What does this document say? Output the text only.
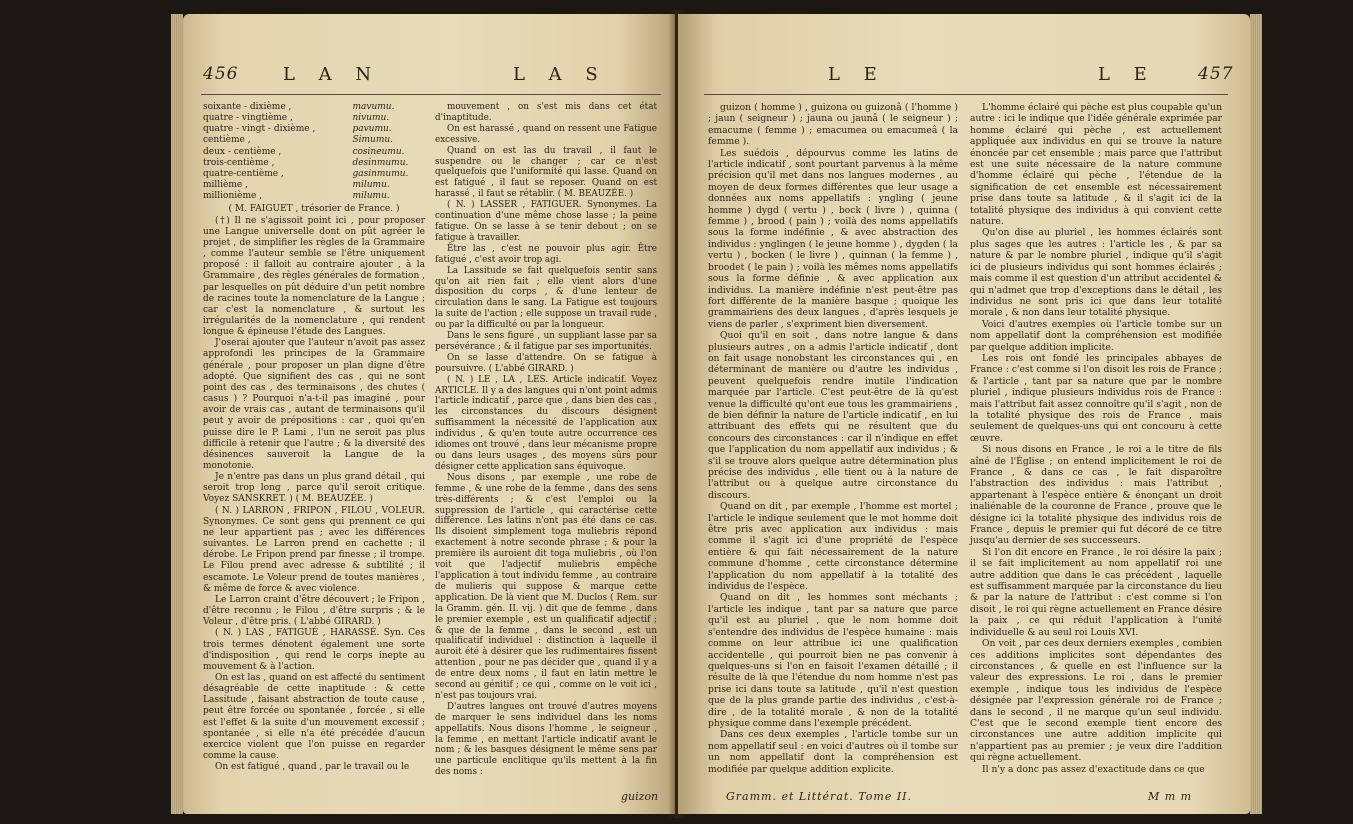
456 L A N	L A S
soixante - dixième ,	mavumu.
quatre - vingtième ,	nivumu.
quatre - vingt - dixième ,	pavumu.
centième ,	Simumu.
deux - centième ,	cosineumu.
trois-centième ,	desinmumu.
quatre-centième ,	gasinmumu.
millième ,	milumu.
millionième ,	milumu.

( M. FAIGUET , trésorier de France. )

(†) Il ne s'agissoit point ici , pour proposer une Langue universelle dont on pût agréer le projet , de simplifier les règles de la Grammaire , comme l'auteur semble se l'être uniquement proposé : il falloit au contraire ajouter , à la Grammaire , des règles générales de formation , par lesquelles on pût déduire d'un petit nombre de racines toute la nomenclature de la Langue ; car c'est la nomenclature , & surtout les irrégularités de la nomenclature , qui rendent longue & épineuse l'étude des Langues.

J'oserai ajouter que l'auteur n'avoit pas assez approfondi les principes de la Grammaire générale , pour proposer un plan digne d'être adopté. Que signifient des cas , qui ne sont point des cas , des terminaisons , des chutes ( casus ) ? Pourquoi n'a-t-il pas imaginé , pour avoir de vrais cas , autant de terminaisons qu'il peut y avoir de prépositions : car , quoi qu'en puisse dire le P. Lami , l'un ne seroit pas plus difficile à retenir que l'autre ; & la diversité des désinences sauveroit la Langue de la monotonie.

Je n'entre pas dans un plus grand détail , qui seroit trop long , parce qu'il seroit critique. Voyez SANSKRET. ) ( M. BEAUZÉE. )

( N. ) LARRON , FRIPON , FILOU , VOLEUR. Synonymes. Ce sont gens qui prennent ce qui ne leur appartient pas ; avec les différences suivantes. Le Larron prend en cachette ; il dérobe. Le Fripon prend par finesse ; il trompe. Le Filou prend avec adresse & subtilité ; il escamote. Le Voleur prend de toutes manières , & même de force & avec violence.

Le Larron craint d'être découvert ; le Fripon , d'être reconnu ; le Filou , d'être surpris ; & le Voleur , d'être pris. ( L'abbé GIRARD. )

( N. ) LAS , FATIGUÉ , HARASSÉ. Syn. Ces trois termes dénotent également une sorte d'indisposition , qui rend le corps inepte au mouvement & à l'action.

On est las , quand on est affecté du sentiment désagréable de cette inaptitude : & cette Lassitude , faisant abstraction de toute cause , peut être forcée ou spontanée , forcée , si elle est l'effet & la suite d'un mouvement excessif ; spontanée , si elle n'a été précédée d'aucun exercice violent que l'on puisse en regarder comme la cause.

On est fatigué , quand , par le travail ou le

mouvement , on s'est mis dans cet état d'inaptitude.

On est harassé , quand on ressent une Fatigue excessive.

Quand on est las du travail , il faut le suspendre ou le changer ; car ce n'est quelquefois que l'uniformité qui lasse. Quand on est fatigué , il faut se reposer. Quand on est harassé , il faut se rétablir. ( M. BEAUZÉE. )

( N. ) LASSER , FATIGUER. Synonymes. La continuation d'une même chose lasse ; la peine fatigue. On se lasse à se tenir debout ; on se fatigue à travailler.

Être las , c'est ne pouvoir plus agir. Être fatigué , c'est avoir trop agi.

La Lassitude se fait quelquefois sentir sans qu'on ait rien fait ; elle vient alors d'une disposition du corps , & d'une lenteur de circulation dans le sang. La Fatigue est toujours la suite de l'action ; elle suppose un travail rude , ou par la difficulté ou par la longueur.

Dans le sens figuré , un suppliant lasse par sa persévérance ; & il fatigue par ses importunités.

On se lasse d'attendre. On se fatigue à poursuivre. ( L'abbé GIRARD. )

( N. ) LE , LA , LES. Article indicatif. Voyez ARTICLE. Il y a des langues qui n'ont point admis l'article indicatif , parce que , dans bien des cas , les circonstances du discours désignent suffisamment la nécessité de l'application aux individus , & qu'en toute autre occurrence ces idiomes ont trouvé , dans leur mécanisme propre ou dans leurs usages , des moyens sûrs pour désigner cette application sans équivoque.

Nous disons , par exemple , une robe de femme , & une robe de la femme , dans des sens très-différents ; & c'est l'emploi ou la suppression de l'article , qui caractérise cette différence. Les latins n'ont pas été dans ce cas. Ils disoient simplement toga muliebris répond exactement à notre seconde phrase ; & pour la première ils auroient dit toga muliebris , où l'on voit que l'adjectif muliebris empêche l'application à tout individu femme , au contraire de mulieris qui suppose & marque cette application. De là vient que M. Duclos ( Rem. sur la Gramm. gén. II. vij. ) dit que de femme , dans le premier exemple , est un qualificatif adjectif ; & que de la femme , dans le second , est un qualificatif individuel : distinction à laquelle il auroit été à désirer que les rudimentaires fissent attention , pour ne pas décider que , quand il y a de entre deux noms , il faut en latin mettre le second au génitif ; ce qui , comme on le voit ici , n'est pas toujours vrai.

D'autres langues ont trouvé d'autres moyens de marquer le sens individuel dans les noms appellatifs. Nous disons l'homme , le seigneur , la femme , en mettant l'article indicatif avant le nom ; & les basques désignent le même sens par une particule enclitique qu'ils mettent à la fin des noms :

guizon
L E	L E 457

guizon ( homme ) , guizona ou guizonâ ( l'homme ) ; jaun ( seigneur ) ; jauna ou jaunâ ( le seigneur ) ; emacume ( femme ) ; emacumea ou emacumeâ ( la femme ).

Les suédois , dépourvus comme les latins de l'article indicatif , sont pourtant parvenus à la même précision qu'il met dans nos langues modernes , au moyen de deux formes différentes que leur usage a données aux noms appellatifs : yngling ( jeune homme ) dygd ( vertu ) , bock ( livre ) , quinna ( femme ) , brood ( pain ) ; voilà des noms appellatifs sous la forme indéfinie , & avec abstraction des individus : ynglingen ( le jeune homme ) , dygden ( la vertu ) , bocken ( le livre ) , quinnan ( la femme ) , broodet ( le pain ) ; voilà les mêmes noms appellatifs sous la forme définie , & avec application aux individus. La manière indéfinie n'est peut-être pas fort différente de la manière basque ; quoique les grammairiens des deux langues , d'après lesquels je viens de parler , s'expriment bien diversement.

Quoi qu'il en soit , dans notre langue & dans plusieurs autres , on a admis l'article indicatif , dont on fait usage nonobstant les circonstances qui , en déterminant de manière ou d'autre les individus , peuvent quelquefois rendre inutile l'indication marquée par l'article. C'est peut-être de là qu'est venue la difficulté qu'ont eue tous les grammairiens , de bien définir la nature de l'article indicatif , en lui attribuant des effets qui ne résultent que du concours des circonstances : car il n'indique en effet que l'application du nom appellatif aux individus ; & s'il se trouve alors quelque autre détermination plus précise des individus , elle tient ou à la nature de l'attribut ou à quelque autre circonstance du discours.

Quand on dit , par exemple , l'homme est mortel ; l'article le indique seulement que le mot homme doit être pris avec application aux individus : mais comme il s'agit ici d'une propriété de l'espèce entière & qui fait nécessairement de la nature commune d'homme , cette circonstance détermine l'application du nom appellatif à la totalité des individus de l'espèce.

Quand on dit , les hommes sont méchants ; l'article les indique , tant par sa nature que parce qu'il est au pluriel , que le nom homme doit s'entendre des individus de l'espèce humaine : mais comme on leur attribue ici une qualification accidentelle , qui pourroit bien ne pas convenir à quelques-uns si l'on en faisoit l'examen détaillé ; il résulte de là que l'étendue du nom homme n'est pas prise ici dans toute sa latitude , qu'il n'est question que de la plus grande partie des individus , c'est-à-dire , de la totalité morale , & non de la totalité physique comme dans l'exemple précédent.

Dans ces deux exemples , l'article tombe sur un nom appellatif seul : en voici d'autres où il tombe sur un nom appellatif dont la compréhension est modifiée par quelque addition explicite.

Gramm. et Littérat. Tome II.

L'homme éclairé qui pèche est plus coupable qu'un autre : ici le indique que l'idée générale exprimée par homme éclairé qui pèche , est actuellement appliquée aux individus en qui se trouve la nature énoncée par cet ensemble ; mais parce que l'attribut est une suite nécessaire de la nature commune d'homme éclairé qui pèche , l'étendue de la signification de cet ensemble est nécessairement prise dans toute sa latitude , & il s'agit ici de la totalité physique des individus à qui convient cette nature.

Qu'on dise au pluriel , les hommes éclairés sont plus sages que les autres : l'article les , & par sa nature & par le nombre pluriel , indique qu'il s'agit ici de plusieurs individus qui sont hommes éclairés ; mais comme il est question d'un attribut accidentel & qui n'admet que trop d'exceptions dans le détail , les individus ne sont pris ici que dans leur totalité morale , & non dans leur totalité physique.

Voici d'autres exemples où l'article tombe sur un nom appellatif dont la compréhension est modifiée par quelque addition implicite.

Les rois ont fondé les principales abbayes de France : c'est comme si l'on disoit les rois de France ; & l'article , tant par sa nature que par le nombre pluriel , indique plusieurs individus rois de France : mais l'attribut fait assez connoître qu'il s'agit , non de la totalité physique des rois de France , mais seulement de quelques-uns qui ont concouru à cette œuvre.

Si nous disons en France , le roi a le titre de fils aîné de l'Église ; on entend implicitement le roi de France , & dans ce cas , le fait disparoître l'abstraction des individus : mais l'attribut , appartenant à l'espèce entière & énonçant un droit inaliénable de la couronne de France , prouve que le désigne ici la totalité physique des individus rois de France , depuis le premier qui fut décoré de ce titre jusqu'au dernier de ses successeurs.

Si l'on dit encore en France , le roi désire la paix ; il se fait implicitement au nom appellatif roi une autre addition que dans le cas précédent , laquelle est suffisamment marquée par la circonstance du lieu & par la nature de l'attribut : c'est comme si l'on disoit , le roi qui règne actuellement en France désire la paix , ce qui réduit l'application à l'unité individuelle & au seul roi Louis XVI.

On voit , par ces deux derniers exemples , combien ces additions implicites sont dépendantes des circonstances , & quelle en est l'influence sur la valeur des expressions. Le roi , dans le premier exemple , indique tous les individus de l'espèce désignée par l'expression générale roi de France ; dans le second , il ne marque qu'un seul individu. C'est que le second exemple tient encore des circonstances une autre addition implicite qui n'appartient pas au premier ; je veux dire l'addition qui règne actuellement.

Il n'y a donc pas assez d'exactitude dans ce que

M m m
